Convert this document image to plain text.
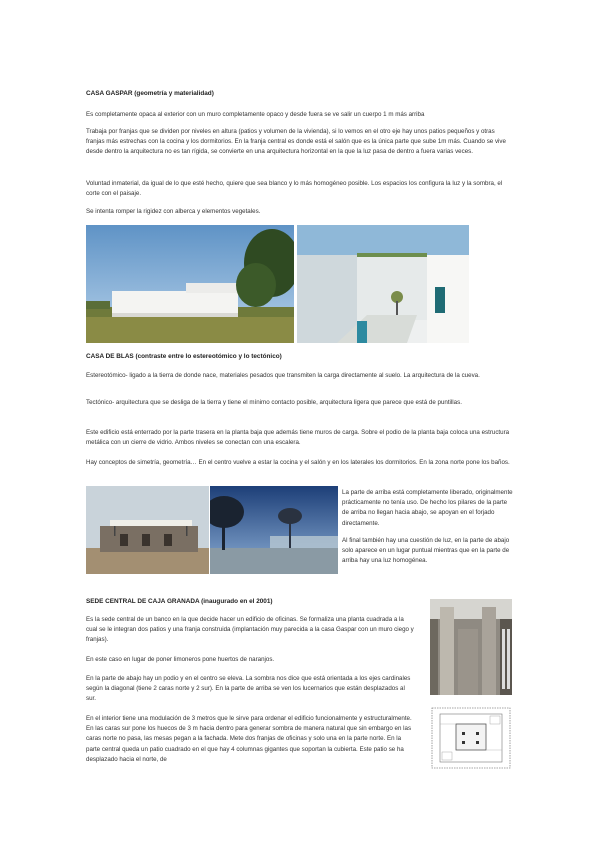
CASA GASPAR (geometría y materialidad)
Es completamente opaca al exterior con un muro completamente opaco y desde fuera se ve salir un cuerpo 1 m más arriba
Trabaja por franjas que se dividen por niveles en altura (patios y volumen de la vivienda), si lo vemos en el otro eje hay unos patios pequeños y otras franjas más estrechas con la cocina y los dormitorios. En la franja central es donde está el salón que es la única parte que sube 1m más. Cuando se vive desde dentro la arquitectura no es tan rígida, se convierte en una arquitectura horizontal en la que la luz pasa de dentro a fuera varias veces.
Voluntad inmaterial, da igual de lo que esté hecho, quiere que sea blanco y lo más homogéneo posible. Los espacios los configura la luz y la sombra, el corte con el paisaje.
Se intenta romper la rigidez con alberca y elementos vegetales.
CASA DE BLAS (contraste entre lo estereotómico y lo tectónico)
Estereotómico- ligado a la tierra de donde nace, materiales pesados que transmiten la carga directamente al suelo. La arquitectura de la cueva.
Tectónico- arquitectura que se desliga de la tierra y tiene el mínimo contacto posible, arquitectura ligera que parece que está de puntillas.
Este edificio está enterrado por la parte trasera en la planta baja que además tiene muros de carga. Sobre el podio de la planta baja coloca una estructura metálica con un cierre de vidrio. Ambos niveles se conectan con una escalera.
Hay conceptos de simetría, geometría… En el centro vuelve a estar la cocina y el salón y en los laterales los dormitorios. En la zona norte pone los baños.
La parte de arriba está completamente liberado, originalmente prácticamente no tenía uso. De hecho los pilares de la parte de arriba no llegan hacia abajo, se apoyan en el forjado directamente.
Al final también hay una cuestión de luz, en la parte de abajo solo aparece en un lugar puntual mientras que en la parte de arriba hay una luz homogénea.
SEDE CENTRAL DE CAJA GRANADA (inaugurado en el 2001)
Es la sede central de un banco en la que decide hacer un edificio de oficinas. Se formaliza una planta cuadrada a la cual se le integran dos patios y una franja construida (implantación muy parecida a la casa Gaspar con un muro ciego y franjas).
En este caso en lugar de poner limoneros pone huertos de naranjos.
En la parte de abajo hay un podio y en el centro se eleva. La sombra nos dice que está orientada a los ejes cardinales según la diagonal (tiene 2 caras norte y 2 sur). En la parte de arriba se ven los lucernarios que están desplazados al sur.
En el interior tiene una modulación de 3 metros que le sirve para ordenar el edificio funcionalmente y estructuralmente. En las caras sur pone los huecos de 3 m hacia dentro para generar sombra de manera natural que sin embargo en las caras norte no pasa, las mesas pegan a la fachada. Mete dos franjas de oficinas y solo una en la parte norte. En la parte central queda un patio cuadrado en el que hay 4 columnas gigantes que soportan la cubierta. Este patio se ha desplazado hacia el norte, de
